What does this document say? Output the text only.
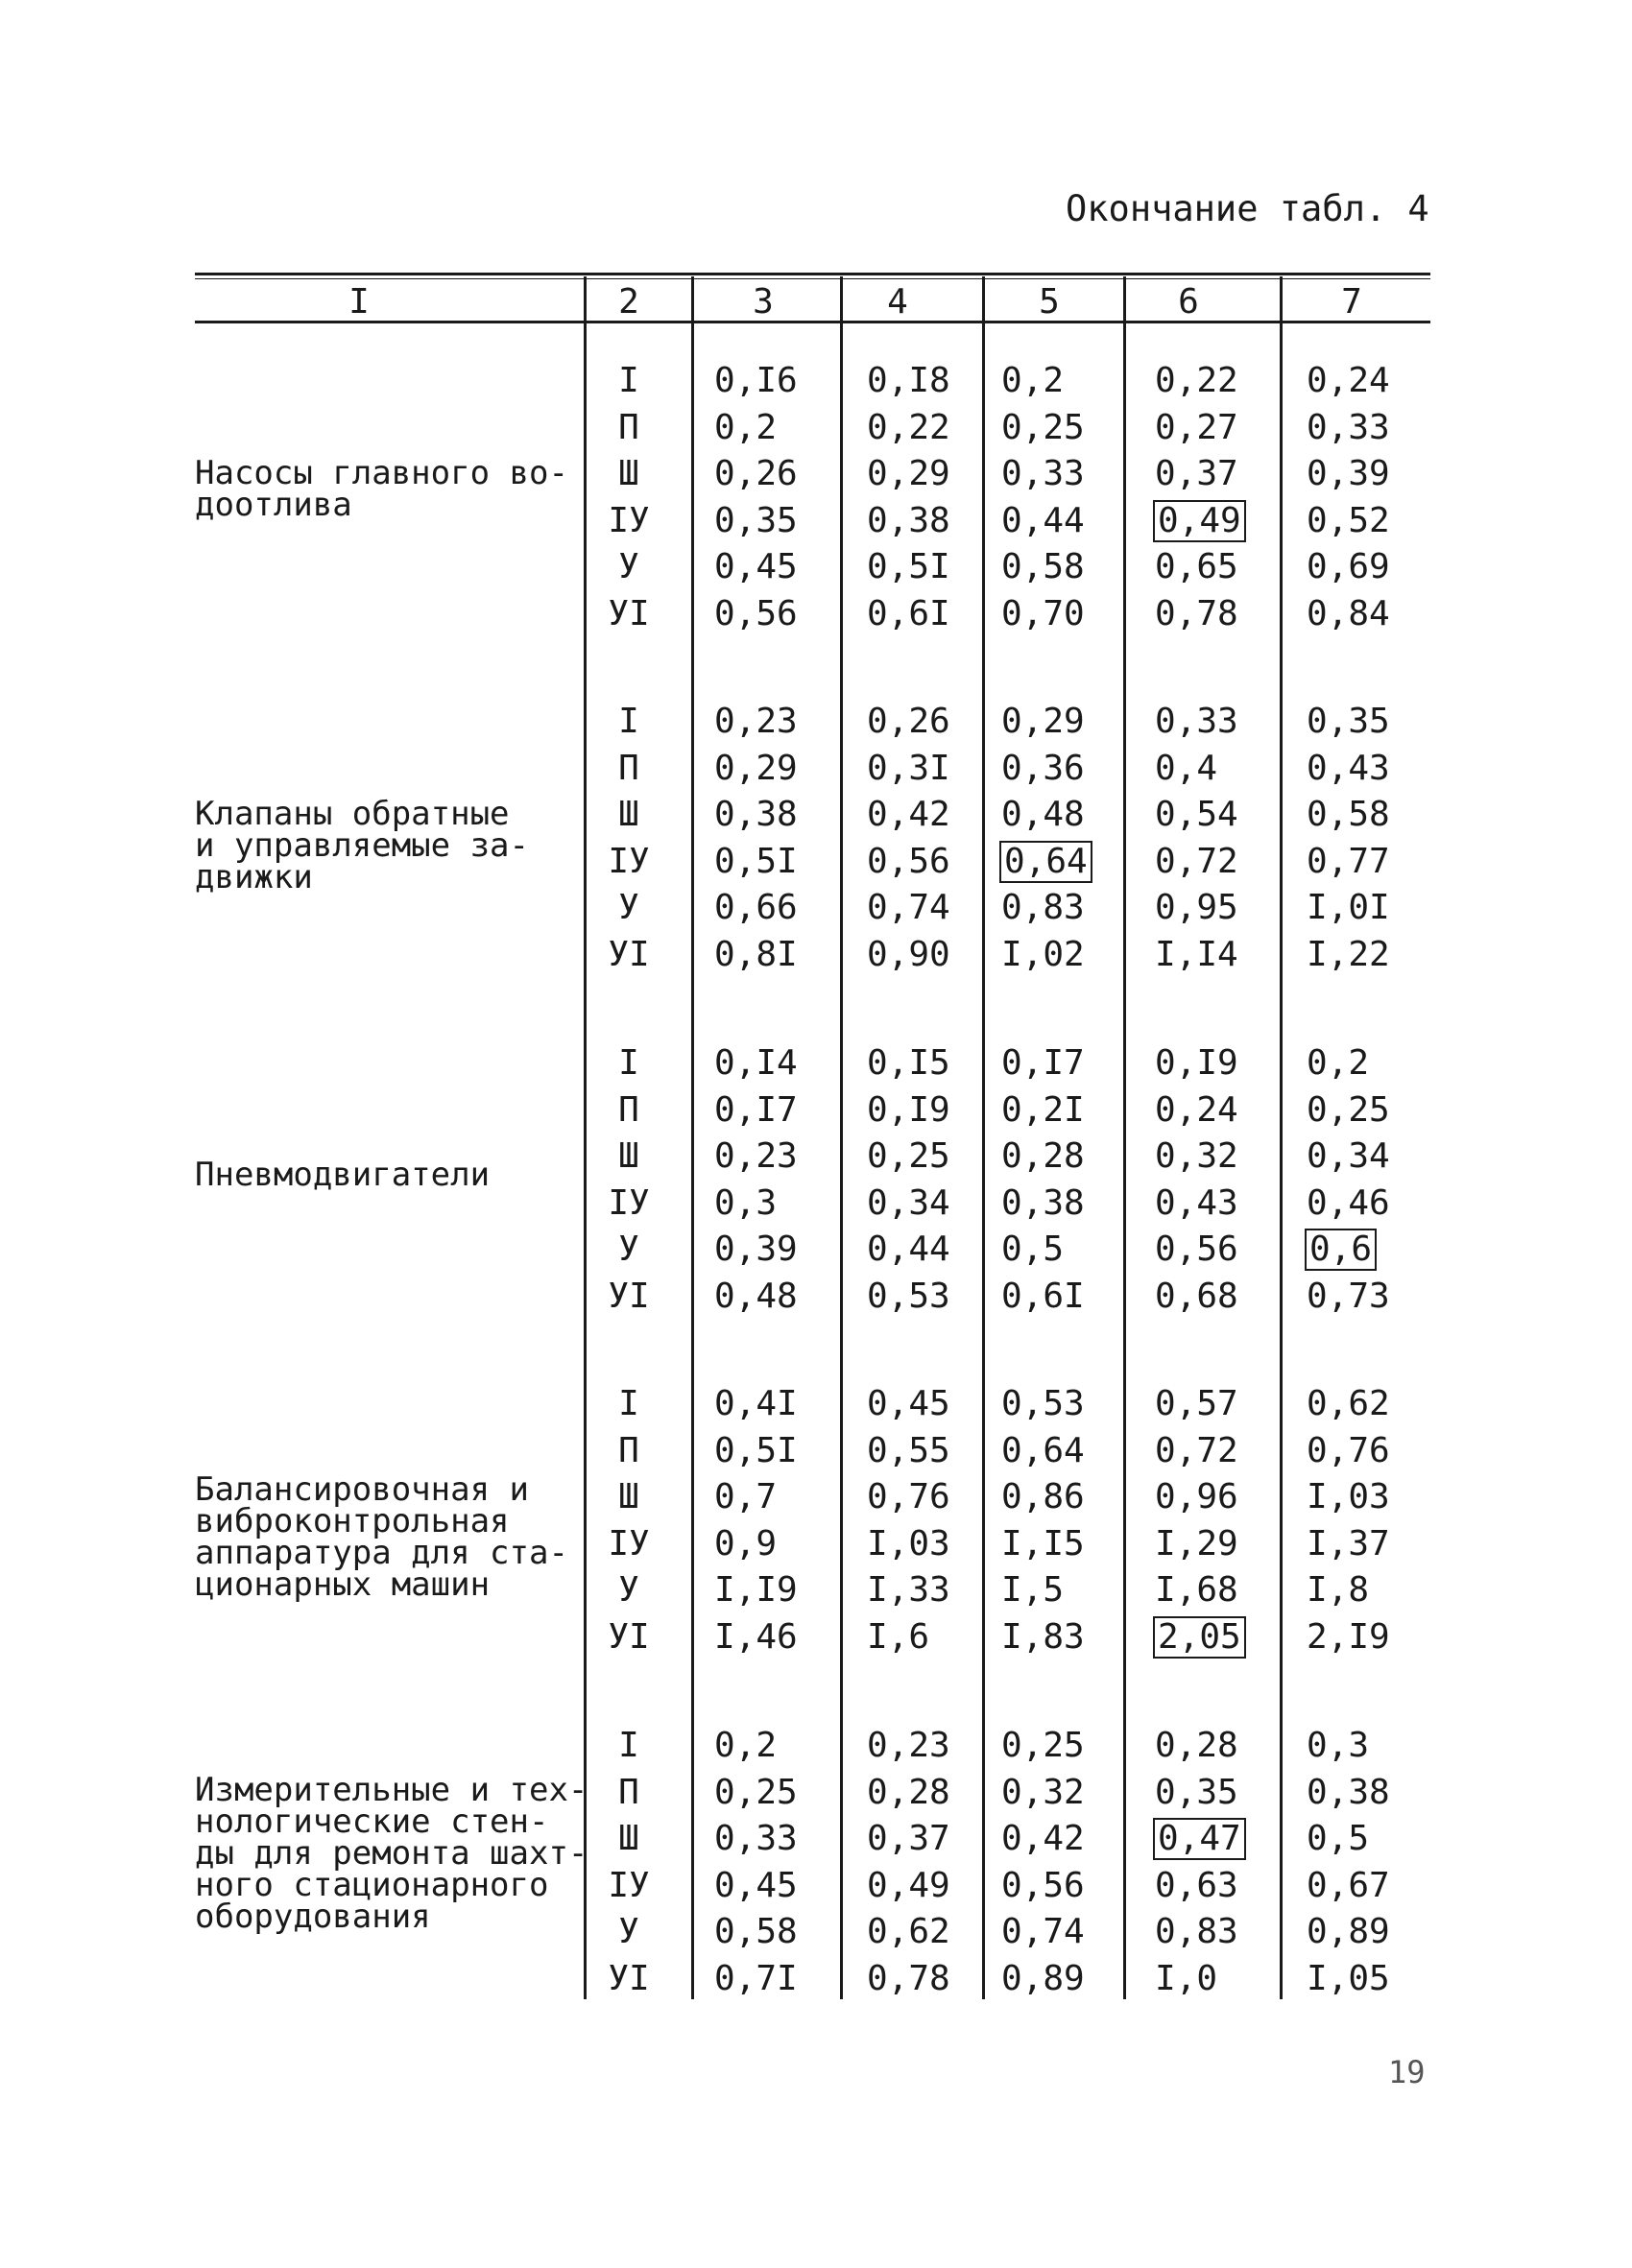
Окончание табл. 4
I	2	3	4	5	6	7
Насосы главного во-
доотлива
I 0,I6 0,I8 0,2	0,22 0,24
П 0,2	0,22 0,25 0,27 0,33
Ш 0,26 0,29 0,33 0,37 0,39
IУ 0,35 0,38 0,44 0,49 0,52
У 0,45 0,5I 0,58 0,65 0,69
УI 0,56 0,6I 0,70 0,78 0,84
Клапаны обратные
и управляемые за-
движки
I 0,23 0,26 0,29 0,33 0,35
П 0,29 0,3I 0,36 0,4	0,43
Ш 0,38 0,42 0,48 0,54 0,58
IУ 0,5I 0,56 0,64 0,72 0,77
У 0,66 0,74 0,83 0,95 I,0I
УI 0,8I 0,90 I,02 I,I4 I,22
Пневмодвигатели
I 0,I4 0,I5 0,I7 0,I9 0,2
П 0,I7 0,I9 0,2I 0,24 0,25
Ш 0,23 0,25 0,28 0,32 0,34
IУ 0,3	0,34 0,38 0,43 0,46
У 0,39 0,44 0,5	0,56 0,6
УI 0,48 0,53 0,6I 0,68 0,73
Балансировочная и
виброконтрольная
аппаратура для ста-
ционарных машин
I 0,4I 0,45 0,53 0,57 0,62
П 0,5I 0,55 0,64 0,72 0,76
Ш 0,7	0,76 0,86 0,96 I,03
IУ 0,9	I,03 I,I5 I,29 I,37
У I,I9 I,33 I,5	I,68 I,8
УI I,46 I,6 I,83 2,05 2,I9
Измерительные и тех-
нологические стен-
ды для ремонта шахт-
ного стационарного
оборудования
I 0,2	0,23 0,25 0,28 0,3
П 0,25 0,28 0,32 0,35 0,38
Ш 0,33 0,37 0,42 0,47 0,5
IУ 0,45 0,49 0,56 0,63 0,67
У 0,58 0,62 0,74 0,83 0,89
УI 0,7I 0,78 0,89 I,0	I,05
19
